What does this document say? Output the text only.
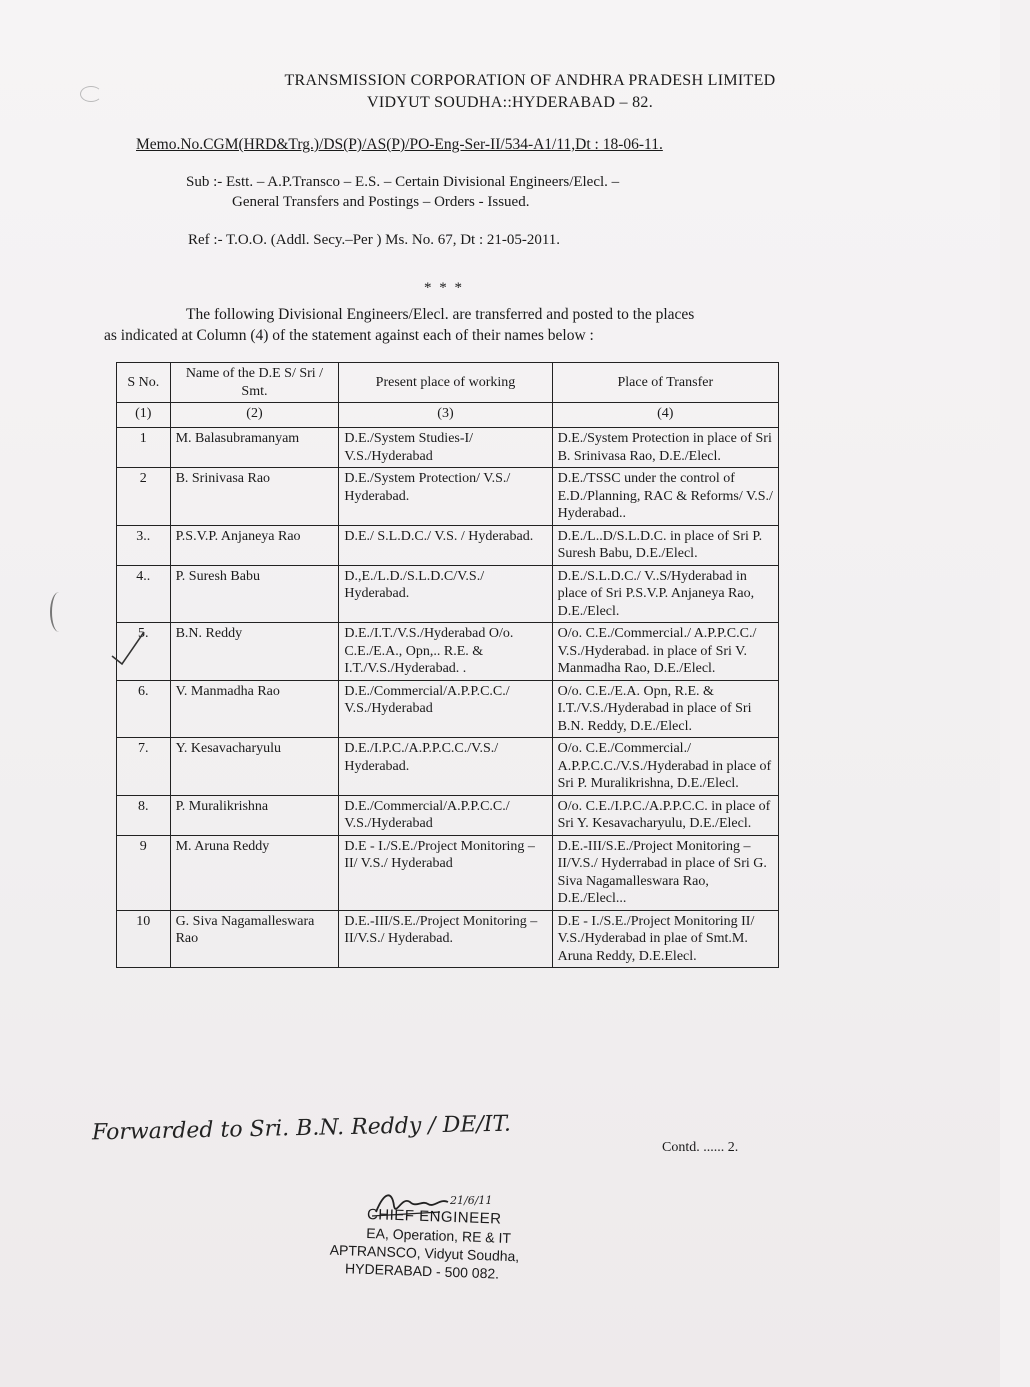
TRANSMISSION CORPORATION OF ANDHRA PRADESH LIMITED
VIDYUT SOUDHA::HYDERABAD – 82.
Memo.No.CGM(HRD&Trg.)/DS(P)/AS(P)/PO-Eng-Ser-II/534-A1/11,Dt : 18-06-11.
Sub :- Estt. – A.P.Transco – E.S. – Certain Divisional Engineers/Elecl. –
General Transfers and Postings – Orders - Issued.
Ref :- T.O.O. (Addl. Secy.–Per ) Ms. No. 67, Dt : 21-05-2011.
* * *
The following Divisional Engineers/Elecl. are transferred and posted to the places
as indicated at Column (4) of the statement against each of their names below :
S No.	Name of the D.E S/ Sri / Smt.	Present place of working	Place of Transfer
(1)	(2)	(3)	(4)
1	M. Balasubramanyam	D.E./System Studies-I/ V.S./Hyderabad	D.E./System Protection in place of Sri B. Srinivasa Rao, D.E./Elecl.
2	B. Srinivasa Rao	D.E./System Protection/ V.S./ Hyderabad.	D.E./TSSC under the control of E.D./Planning, RAC & Reforms/ V.S./ Hyderabad..
3..	P.S.V.P. Anjaneya Rao	D.E./ S.L.D.C./ V.S. / Hyderabad.	D.E./L..D/S.L.D.C. in place of Sri P. Suresh Babu, D.E./Elecl.
4..	P. Suresh Babu	D.,E./L.D./S.L.D.C/V.S./ Hyderabad.	D.E./S.L.D.C./ V..S/Hyderabad in place of Sri P.S.V.P. Anjaneya Rao, D.E./Elecl.
5.	B.N. Reddy	D.E./I.T./V.S./Hyderabad O/o. C.E./E.A., Opn,.. R.E. & I.T./V.S./Hyderabad. .	O/o. C.E./Commercial./ A.P.P.C.C./ V.S./Hyderabad. in place of Sri V. Manmadha Rao, D.E./Elecl.
6.	V. Manmadha Rao	D.E./Commercial/A.P.P.C.C./ V.S./Hyderabad	O/o. C.E./E.A. Opn, R.E. & I.T./V.S./Hyderabad in place of Sri B.N. Reddy, D.E./Elecl.
7.	Y. Kesavacharyulu	D.E./I.P.C./A.P.P.C.C./V.S./ Hyderabad.	O/o. C.E./Commercial./ A.P.P.C.C./V.S./Hyderabad in place of Sri P. Muralikrishna, D.E./Elecl.
8.	P. Muralikrishna	D.E./Commercial/A.P.P.C.C./ V.S./Hyderabad	O/o. C.E./I.P.C./A.P.P.C.C. in place of Sri Y. Kesavacharyulu, D.E./Elecl.
9	M. Aruna Reddy	D.E - I./S.E./Project Monitoring –II/ V.S./ Hyderabad	D.E.-III/S.E./Project Monitoring – II/V.S./ Hyderrabad in place of Sri G. Siva Nagamalleswara Rao, D.E./Elecl...
10	G. Siva Nagamalleswara Rao	D.E.-III/S.E./Project Monitoring – II/V.S./ Hyderabad.	D.E - I./S.E./Project Monitoring II/ V.S./Hyderabad in plae of Smt.M. Aruna Reddy, D.E.Elecl.
Forwarded to Sri. B.N. Reddy / DE/IT.
Contd. ...... 2.
21/6/11
CHIEF ENGINEER
EA, Operation, RE & IT
APTRANSCO, Vidyut Soudha,
HYDERABAD - 500 082.
